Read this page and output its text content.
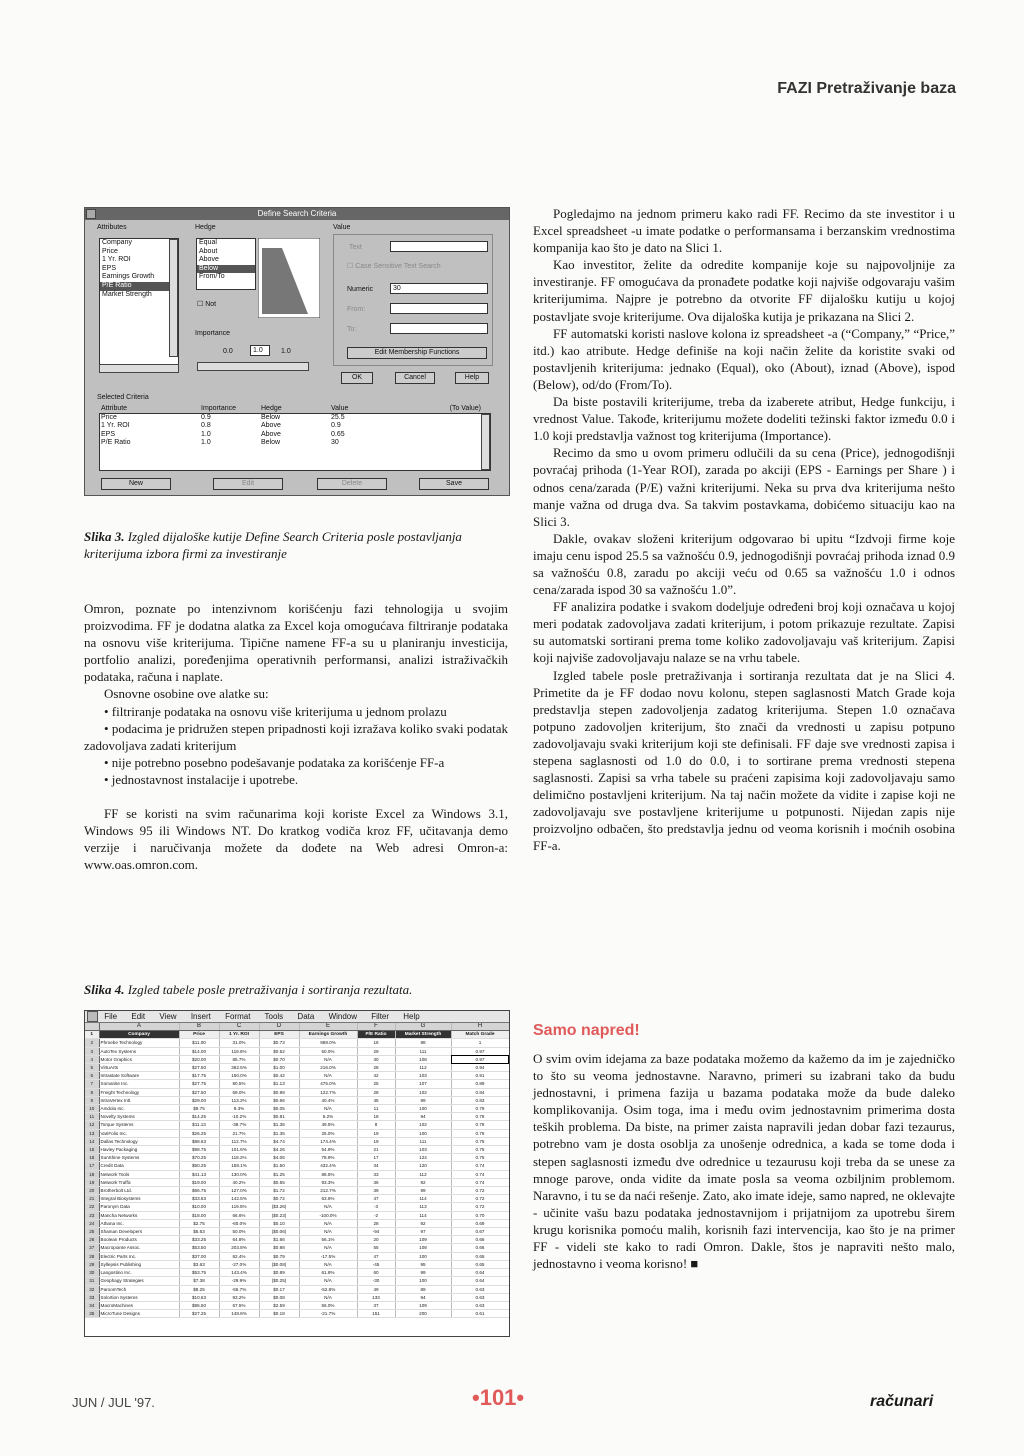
FAZI Pretraživanje baza
Define Search Criteria
Attributes
Company
Price
1 Yr. ROI
EPS
Earnings Growth
P/E Ratio
Market Strength
Hedge
Equal
About
Above
Below
From/To
☐ Not
Importance
0.0	1.0	1.0
Value
Text
☐ Case Sensitive Text Search
Numeric	30
From:
To:
Edit Membership Functions
OK	Cancel	Help
Selected Criteria
Attribute	Importance	Hedge	Value	(To Value)
Price	0.9	Below	25.5	
1 Yr. ROI	0.8	Above	0.9	
EPS	1.0	Above	0.65	
P/E Ratio	1.0	Below	30	
New	Edit	Delete	Save
Slika 3. Izgled dijaloške kutije Define Search Criteria posle postavljanja kriterijuma izbora firmi za investiranje

Omron, poznate po intenzivnom korišćenju fazi tehnologija u svojim proizvodima. FF je dodatna alatka za Excel koja omogućava filtriranje podataka na osnovu više kriterijuma. Tipične namene FF-a su u planiranju investicija, portfolio analizi, poređenjima operativnih performansi, analizi istraživačkih podataka, računa i naplate.

Osnovne osobine ove alatke su:

• filtriranje podataka na osnovu više kriterijuma u jednom prolazu

• podacima je pridružen stepen pripadnosti koji izražava koliko svaki podatak zadovoljava zadati kriterijum

• nije potrebno posebno podešavanje podataka za korišćenje FF-a

• jednostavnost instalacije i upotrebe.

FF se koristi na svim računarima koji koriste Excel za Windows 3.1, Windows 95 ili Windows NT. Do kratkog vodiča kroz FF, učitavanja demo verzije i naručivanja možete da dođete na Web adresi Omron-a: www.oas.omron.com.

Slika 4. Izgled tabele posle pretraživanja i sortiranja rezultata.
File Edit View Insert Format Tools Data Window Filter Help
	A	B	C	D	E	F	G	H
1	Company	Price	1 Yr. ROI	EPS	Earnings Growth	P/E Ratio	Market Strength	Match Grade
2	Phroebe Technology	$11.00	31.0%	$0.73	968.0%	16	98	1
3	AutoTex Systems	$14.00	119.6%	$0.52	50.0%	29	111	0.97
4	Motor Graphics	$20.00	85.7%	$0.70	N/A	30	108	0.97
5	VirtuArts	$27.50	362.5%	$1.00	216.0%	28	112	0.94
6	Intrastate Software	$17.75	150.0%	$0.42	N/A	42	103	0.91
7	Somanite Inc.	$27.75	80.5%	$1.13	475.0%	25	107	0.89
8	Freight Technology	$27.50	69.0%	$0.98	122.7%	28	102	0.84
9	IntraVertex Intl.	$29.00	113.2%	$0.66	40.4%	45	99	0.83
10	Amdola Inc.	$9.75	9.3%	$0.05	N/A	11	100	0.79
11	Novelty Systems	$14.25	-10.2%	$0.81	5.2%	18	94	0.78
12	Torque Systems	$11.13	-38.7%	$1.36	49.5%	8	102	0.78
13	VariFolio Inc.	$26.25	21.7%	$1.35	25.0%	19	100	0.76
14	Dallas Technology	$88.63	112.7%	$4.74	174.4%	19	111	0.75
15	Havley Packaging	$98.75	101.6%	$4.26	54.9%	21	103	0.75
16	SunShine Systems	$70.25	118.2%	$4.06	78.9%	17	124	0.75
17	Credit Data	$50.25	158.1%	$1.50	432.4%	34	120	0.74
18	Network Tools	$41.13	130.0%	$1.25	88.5%	33	112	0.74
19	Network Traffic	$19.00	40.2%	$0.55	93.3%	36	92	0.74
20	Brotherbolt Ltd.	$66.75	127.0%	$1.72	212.7%	39	99	0.72
21	Integral Biosystems	$33.63	142.5%	$0.72	63.6%	47	114	0.72
22	Paronym Data	$10.00	119.5%	($3.26)	N/A	-3	113	0.72
23	Mancha Networks	$18.00	66.6%	($0.23)	-100.0%	-2	114	0.70
24	Athana Inc.	$2.75	-60.0%	$0.10	N/A	28	92	0.69
25	Shaman Developers	$5.63	50.0%	($0.06)	N/A	-94	97	0.67
26	Boolean Products	$33.25	64.8%	$1.66	56.1%	20	109	0.66
27	Macropointe Assoc.	$53.50	203.8%	$0.98	N/A	55	108	0.66
28	Electric Parts Inc.	$37.00	82.4%	$0.79	-17.5%	47	100	0.65
29	Syllepsis Publishing	$3.63	-27.0%	($0.08)	N/A	-45	95	0.65
30	Langostino Inc.	$53.75	143.4%	$0.89	61.8%	60	99	0.64
31	Geophagy Strategies	$7.38	-29.9%	($0.25)	N/A	-30	100	0.64
32	ParoomTech	$8.25	-55.7%	$0.17	-52.8%	49	89	0.63
33	Solortion Systems	$10.63	93.2%	$0.08	N/A	133	94	0.63
34	MacroMachines	$95.50	67.5%	$2.59	56.0%	37	109	0.63
35	MicroTune Designs	$27.25	148.8%	$0.18	-21.7%	151	200	0.61

Pogledajmo na jednom primeru kako radi FF. Recimo da ste investitor i u Excel spreadsheet -u imate podatke o performansama i berzanskim vrednostima kompanija kao što je dato na Slici 1.

Kao investitor, želite da odredite kompanije koje su najpovoljnije za investiranje. FF omogućava da pronađete podatke koji najviše odgovaraju vašim kriterijumima. Najpre je potrebno da otvorite FF dijalošku kutiju u kojoj postavljate svoje kriterijume. Ova dijaloška kutija je prikazana na Slici 2.

FF automatski koristi naslove kolona iz spreadsheet -a (“Company,” “Price,” itd.) kao atribute. Hedge definiše na koji način želite da koristite svaki od postavljenih kriterijuma: jednako (Equal), oko (About), iznad (Above), ispod (Below), od/do (From/To).

Da biste postavili kriterijume, treba da izaberete atribut, Hedge funkciju, i vrednost Value. Takođe, kriterijumu možete dodeliti težinski faktor između 0.0 i 1.0 koji predstavlja važnost tog kriterijuma (Importance).

Recimo da smo u ovom primeru odlučili da su cena (Price), jednogodišnji povraćaj prihoda (1-Year ROI), zarada po akciji (EPS - Earnings per Share ) i odnos cena/zarada (P/E) važni kriterijumi. Neka su prva dva kriterijuma nešto manje važna od druga dva. Sa takvim postavkama, dobićemo situaciju kao na Slici 3.

Dakle, ovakav složeni kriterijum odgovarao bi upitu “Izdvoji firme koje imaju cenu ispod 25.5 sa važnošću 0.9, jednogodišnji povraćaj prihoda iznad 0.9 sa važnošću 0.8, zaradu po akciji veću od 0.65 sa važnošću 1.0 i odnos cena/zarada ispod 30 sa važnošću 1.0”.

FF analizira podatke i svakom dodeljuje određeni broj koji označava u kojoj meri podatak zadovoljava zadati kriterijum, i potom prikazuje rezultate. Zapisi su automatski sortirani prema tome koliko zadovoljavaju vaš kriterijum. Zapisi koji najviše zadovoljavaju nalaze se na vrhu tabele.

Izgled tabele posle pretraživanja i sortiranja rezultata dat je na Slici 4. Primetite da je FF dodao novu kolonu, stepen saglasnosti Match Grade koja predstavlja stepen zadovoljenja zadatog kriterijuma. Stepen 1.0 označava potpuno zadovoljen kriterijum, što znači da vrednosti u zapisu potpuno zadovoljavaju svaki kriterijum koji ste definisali. FF daje sve vrednosti zapisa i stepena saglasnosti od 1.0 do 0.0, i to sortirane prema vrednosti stepena saglasnosti. Zapisi sa vrha tabele su praćeni zapisima koji zadovoljavaju samo delimično postavljeni kriterijum. Na taj način možete da vidite i zapise koji ne zadovoljavaju sve postavljene kriterijume u potpunosti. Nijedan zapis nije proizvoljno odbačen, što predstavlja jednu od veoma korisnih i moćnih osobina FF-a.

Samo napred!

O svim ovim idejama za baze podataka možemo da kažemo da im je zajedničko to što su veoma jednostavne. Naravno, primeri su izabrani tako da budu jednostavni, i primena fazija u bazama podataka može da bude daleko komplikovanija. Osim toga, ima i među ovim jednostavnim primerima dosta teških problema. Da biste, na primer zaista napravili jedan dobar fazi tezaurus, potrebno vam je dosta osoblja za unošenje odrednica, a kada se tome doda i stepen saglasnosti između dve odrednice u tezaurusu koji treba da se unese za mnoge parove, onda vidite da imate posla sa veoma ozbiljnim problemom. Naravno, i tu se da naći rešenje. Zato, ako imate ideje, samo napred, ne oklevajte - učinite vašu bazu podataka jednostavnijom i prijatnijom za upotrebu širem krugu korisnika pomoću malih, korisnih fazi intervencija, kao što je na primer FF - videli ste kako to radi Omron. Dakle, štos je napraviti nešto malo, jednostavno i veoma korisno! ■

JUN / JUL '97.	•101•	računari
